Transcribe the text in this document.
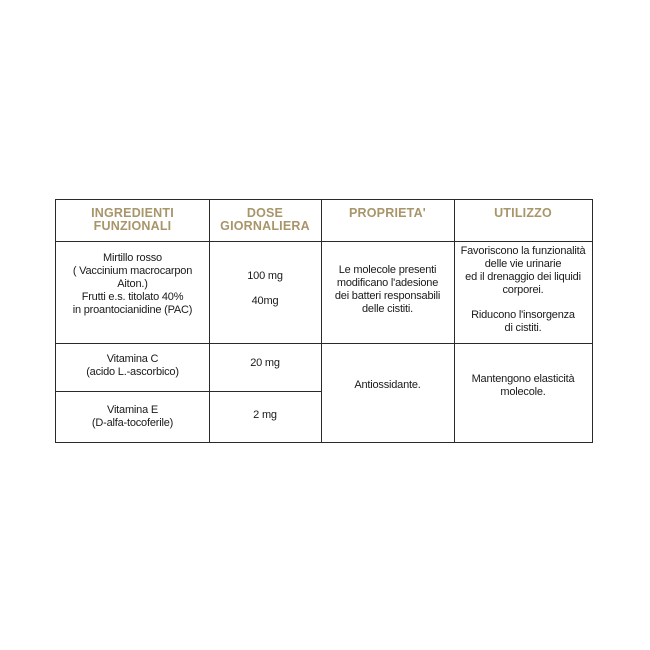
INGREDIENTI
FUNZIONALI
DOSE
GIORNALIERA
PROPRIETA'	UTILIZZO
Mirtillo rosso
( Vaccinium macrocarpon
Aiton.)
Frutti e.s. titolato 40%
in proantocianidine (PAC)
100 mg
40mg
Le molecole presenti
modificano l'adesione
dei batteri responsabili
delle cistiti.
Favoriscono la funzionalità
delle vie urinarie
ed il drenaggio dei liquidi
corporei.
Riducono l'insorgenza
di cistiti.
Vitamina C
(acido L.-ascorbico)
20 mg
Vitamina E
(D-alfa-tocoferile)
2 mg
Antiossidante.	Mantengono elasticità
molecole.
